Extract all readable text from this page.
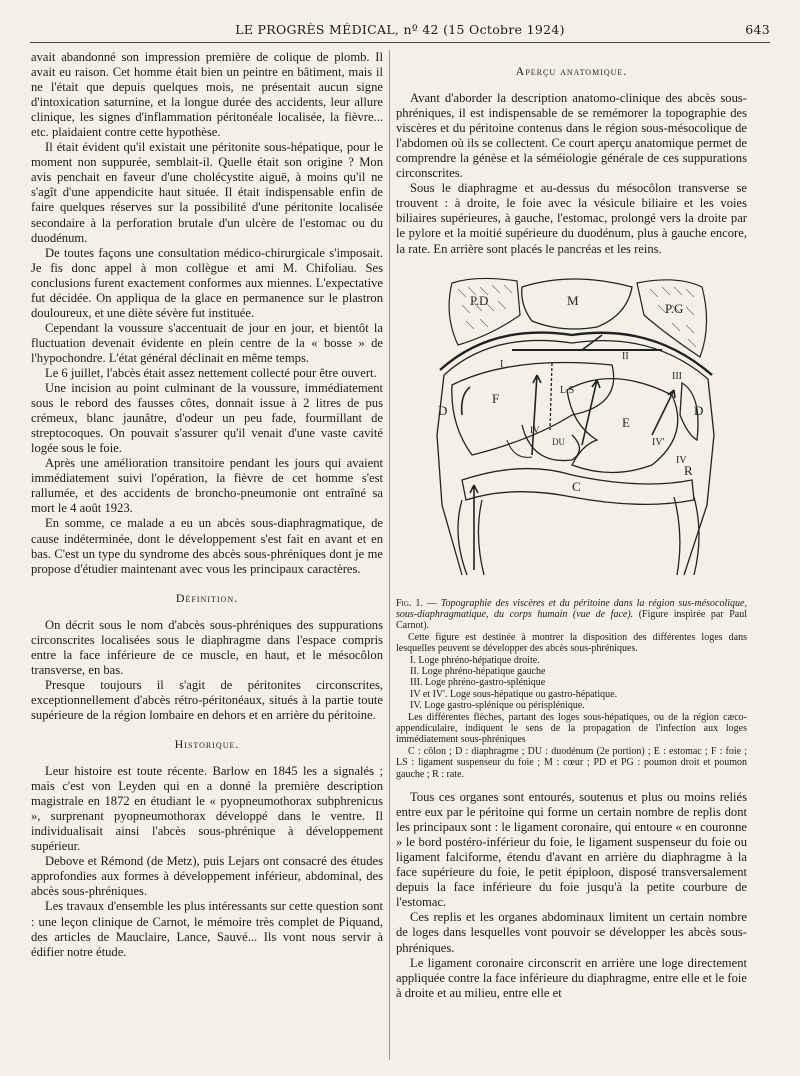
LE PROGRÈS MÉDICAL, nº 42 (15 Octobre 1924)	643

avait abandonné son impression première de colique de plomb. Il avait eu raison. Cet homme était bien un peintre en bâtiment, mais il ne l'était que depuis quelques mois, ne présentait aucun signe d'intoxication saturnine, et la longue durée des accidents, leur allure clinique, les signes d'inflammation péritonéale localisée, la fièvre... etc. plaidaient contre cette hypothèse.

Il était évident qu'il existait une péritonite sous-hépatique, pour le moment non suppurée, semblait-il. Quelle était son origine ? Mon avis penchait en faveur d'une cholécystite aiguë, à moins qu'il ne s'agît d'une appendicite haut située. Il était indispensable enfin de faire quelques réserves sur la possibilité d'une péritonite localisée secondaire à la perforation brutale d'un ulcère de l'estomac ou du duodénum.

De toutes façons une consultation médico-chirurgicale s'imposait. Je fis donc appel à mon collègue et ami M. Chifoliau. Ses conclusions furent exactement conformes aux miennes. L'expectative fut décidée. On appliqua de la glace en permanence sur le plastron douloureux, et une diète sévère fut instituée.

Cependant la voussure s'accentuait de jour en jour, et bientôt la fluctuation devenait évidente en plein centre de la « bosse » de l'hypochondre. L'état général déclinait en même temps.

Le 6 juillet, l'abcès était assez nettement collecté pour être ouvert.

Une incision au point culminant de la voussure, immédiatement sous le rebord des fausses côtes, donnait issue à 2 litres de pus crémeux, blanc jaunâtre, d'odeur un peu fade, fourmillant de streptocoques. On pouvait s'assurer qu'il venait d'une vaste cavité logée sous le foie.

Après une amélioration transitoire pendant les jours qui avaient immédiatement suivi l'opération, la fièvre de cet homme s'est rallumée, et des accidents de broncho-pneumonie ont entraîné sa mort le 4 août 1923.

En somme, ce malade a eu un abcès sous-diaphragmatique, de cause indéterminée, dont le développement s'est fait en avant et en bas. C'est un type du syndrome des abcès sous-phréniques dont je me propose d'étudier maintenant avec vous les principaux caractères.

Définition.

On décrit sous le nom d'abcès sous-phréniques des suppurations circonscrites localisées sous le diaphragme dans l'espace compris entre la face inférieure de ce muscle, en haut, et le mésocôlon transverse, en bas.

Presque toujours il s'agit de péritonites circonscrites, exceptionnellement d'abcès rétro-péritonéaux, situés à la partie toute supérieure de la région lombaire en dehors et en arrière du péritoine.

Historique.

Leur histoire est toute récente. Barlow en 1845 les a signalés ; mais c'est von Leyden qui en a donné la première description magistrale en 1872 en étudiant le « pyopneumothorax subphrenicus », surprenant pyopneumothorax développé dans le ventre. Il individualisait ainsi l'abcès sous-phrénique à développement supérieur.

Debove et Rémond (de Metz), puis Lejars ont consacré des études approfondies aux formes à développement inférieur, abdominal, des abcès sous-phréniques.

Les travaux d'ensemble les plus intéressants sur cette question sont : une leçon clinique de Carnot, le mémoire très complet de Piquand, des articles de Mauclaire, Lance, Sauvé... Ils vont nous servir à édifier notre étude.

Aperçu anatomique.

Avant d'aborder la description anatomo-clinique des abcès sous-phréniques, il est indispensable de se remémorer la topographie des viscères et du péritoine contenus dans le région sous-mésocolique de l'abdomen où ils se collectent. Ce court aperçu anatomique permet de comprendre la génèse et la séméiologie générale de ces suppurations circonscrites.

Sous le diaphragme et au-dessus du mésocôlon transverse se trouvent : à droite, le foie avec la vésicule biliaire et les voies biliaires supérieures, à gauche, l'estomac, prolongé vers la droite par le pylore et la moitié supérieure du duodénum, plus à gauche encore, la rate. En arrière sont placés le pancréas et les reins.

P.D	M
P.G
I
II
III
F
L.S
D	D
E
IV'
IV
IV
R
DU
C
Fig. 1. — Topographie des viscères et du péritoine dans la région sus-mésocolique, sous-diaphragmatique, du corps humain (vue de face). (Figure inspirée par Paul Carnot).
Cette figure est destinée à montrer la disposition des différentes loges dans lesquelles peuvent se développer des abcès sous-phréniques.
I. Loge phréno-hépatique droite.
II. Loge phréno-hépatique gauche
III. Loge phréno-gastro-splénique
IV et IV'. Loge sous-hépatique ou gastro-hépatique.
IV. Loge gastro-splénique ou périsplénique.
Les différentes flèches, partant des loges sous-hépatiques, ou de la région cæco-appendiculaire, indiquent le sens de la propagation de l'infection aux loges immédiatement sous-phréniques
C : côlon ; D : diaphragme ; DU : duodénum (2e portion) ; E : estomac ; F : foie ; LS : ligament suspenseur du foie ; M : cœur ; PD et PG : poumon droit et poumon gauche ; R : rate.

Tous ces organes sont entourés, soutenus et plus ou moins reliés entre eux par le péritoine qui forme un certain nombre de replis dont les principaux sont : le ligament coronaire, qui entoure « en couronne » le bord postéro-inférieur du foie, le ligament suspenseur du foie ou ligament falciforme, étendu d'avant en arrière du diaphragme à la face supérieure du foie, le petit épiploon, disposé transversalement depuis la face inférieure du foie jusqu'à la petite courbure de l'estomac.

Ces replis et les organes abdominaux limitent un certain nombre de loges dans lesquelles vont pouvoir se développer les abcès sous-phréniques.

Le ligament coronaire circonscrit en arrière une loge directement appliquée contre la face inférieure du diaphragme, entre elle et le foie à droite et au milieu, entre elle et
